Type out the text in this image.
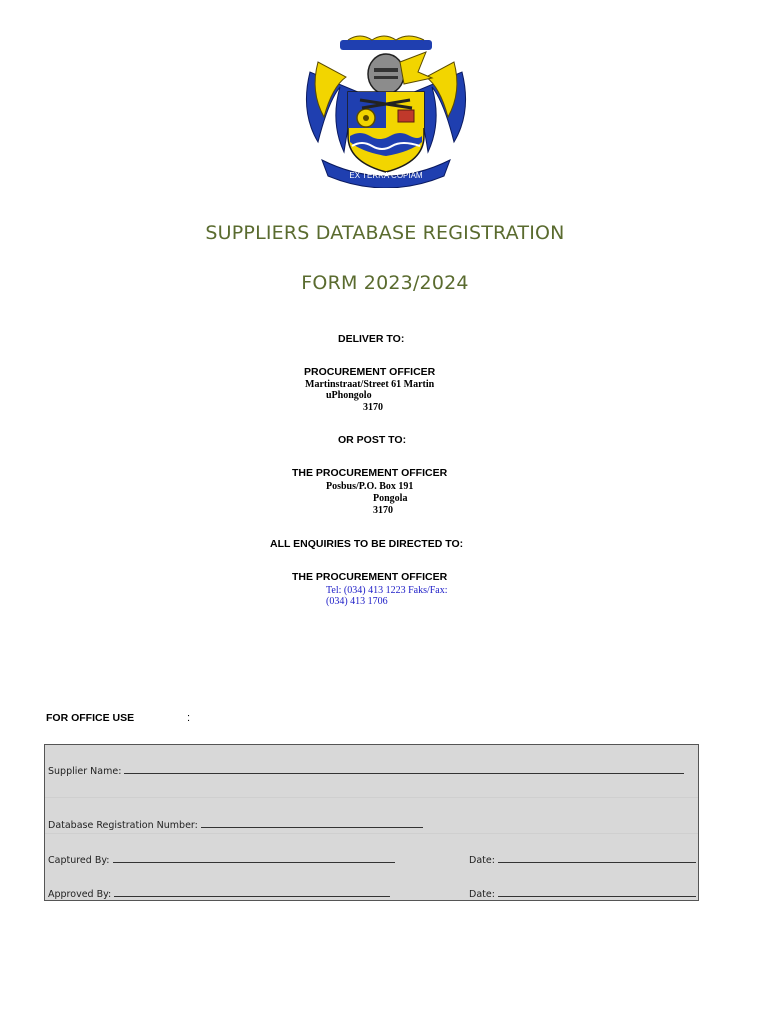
EX TERRA COPIAM
SUPPLIERS DATABASE REGISTRATION
FORM 2023/2024
DELIVER TO:
PROCUREMENT OFFICER
Martinstraat/Street 61 Martin
uPhongolo
3170
OR POST TO:
THE PROCUREMENT OFFICER
Posbus/P.O. Box 191
Pongola
3170
ALL ENQUIRIES TO BE DIRECTED TO:
THE PROCUREMENT OFFICER
Tel: (034) 413 1223 Faks/Fax:
(034) 413 1706
FOR OFFICE USE	:
Supplier Name:
Database Registration Number:
Captured By:	Date:
Approved By:	Date:
